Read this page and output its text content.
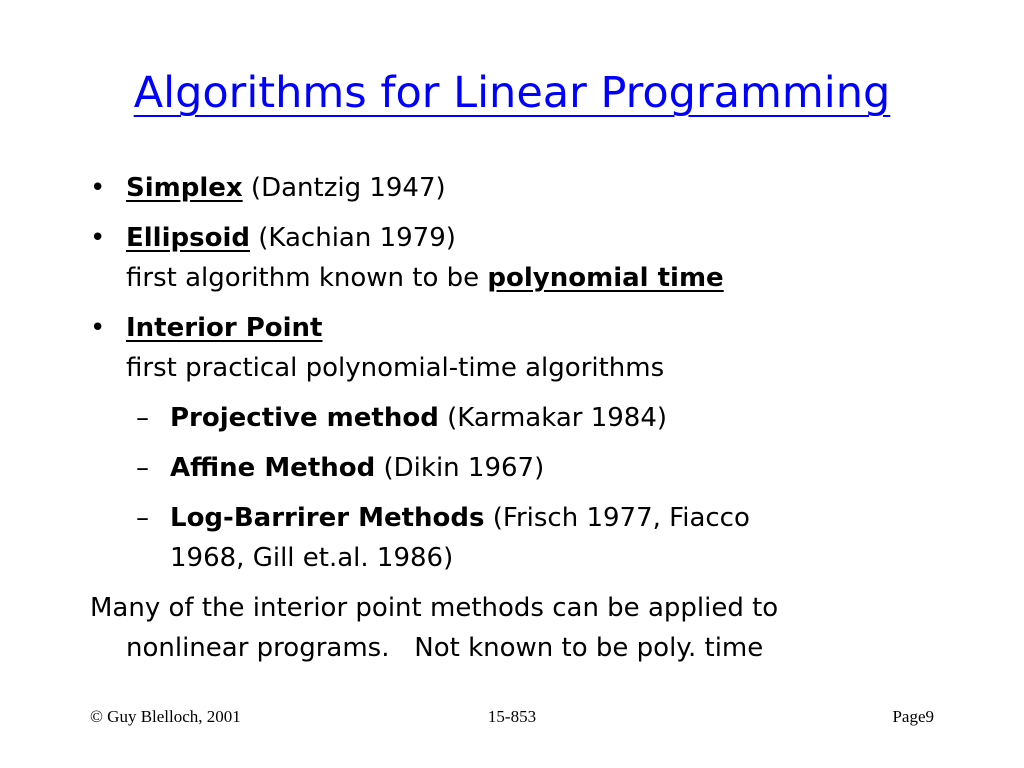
Algorithms for Linear Programming
• Simplex (Dantzig 1947)
• Ellipsoid (Kachian 1979)
first algorithm known to be polynomial time
• Interior Point
first practical polynomial-time algorithms
– Projective method (Karmakar 1984)
– Affine Method (Dikin 1967)
– Log-Barrirer Methods (Frisch 1977, Fiacco
1968, Gill et.al. 1986)
Many of the interior point methods can be applied to
nonlinear programs.   Not known to be poly. time
© Guy Blelloch, 2001	15-853	Page9
